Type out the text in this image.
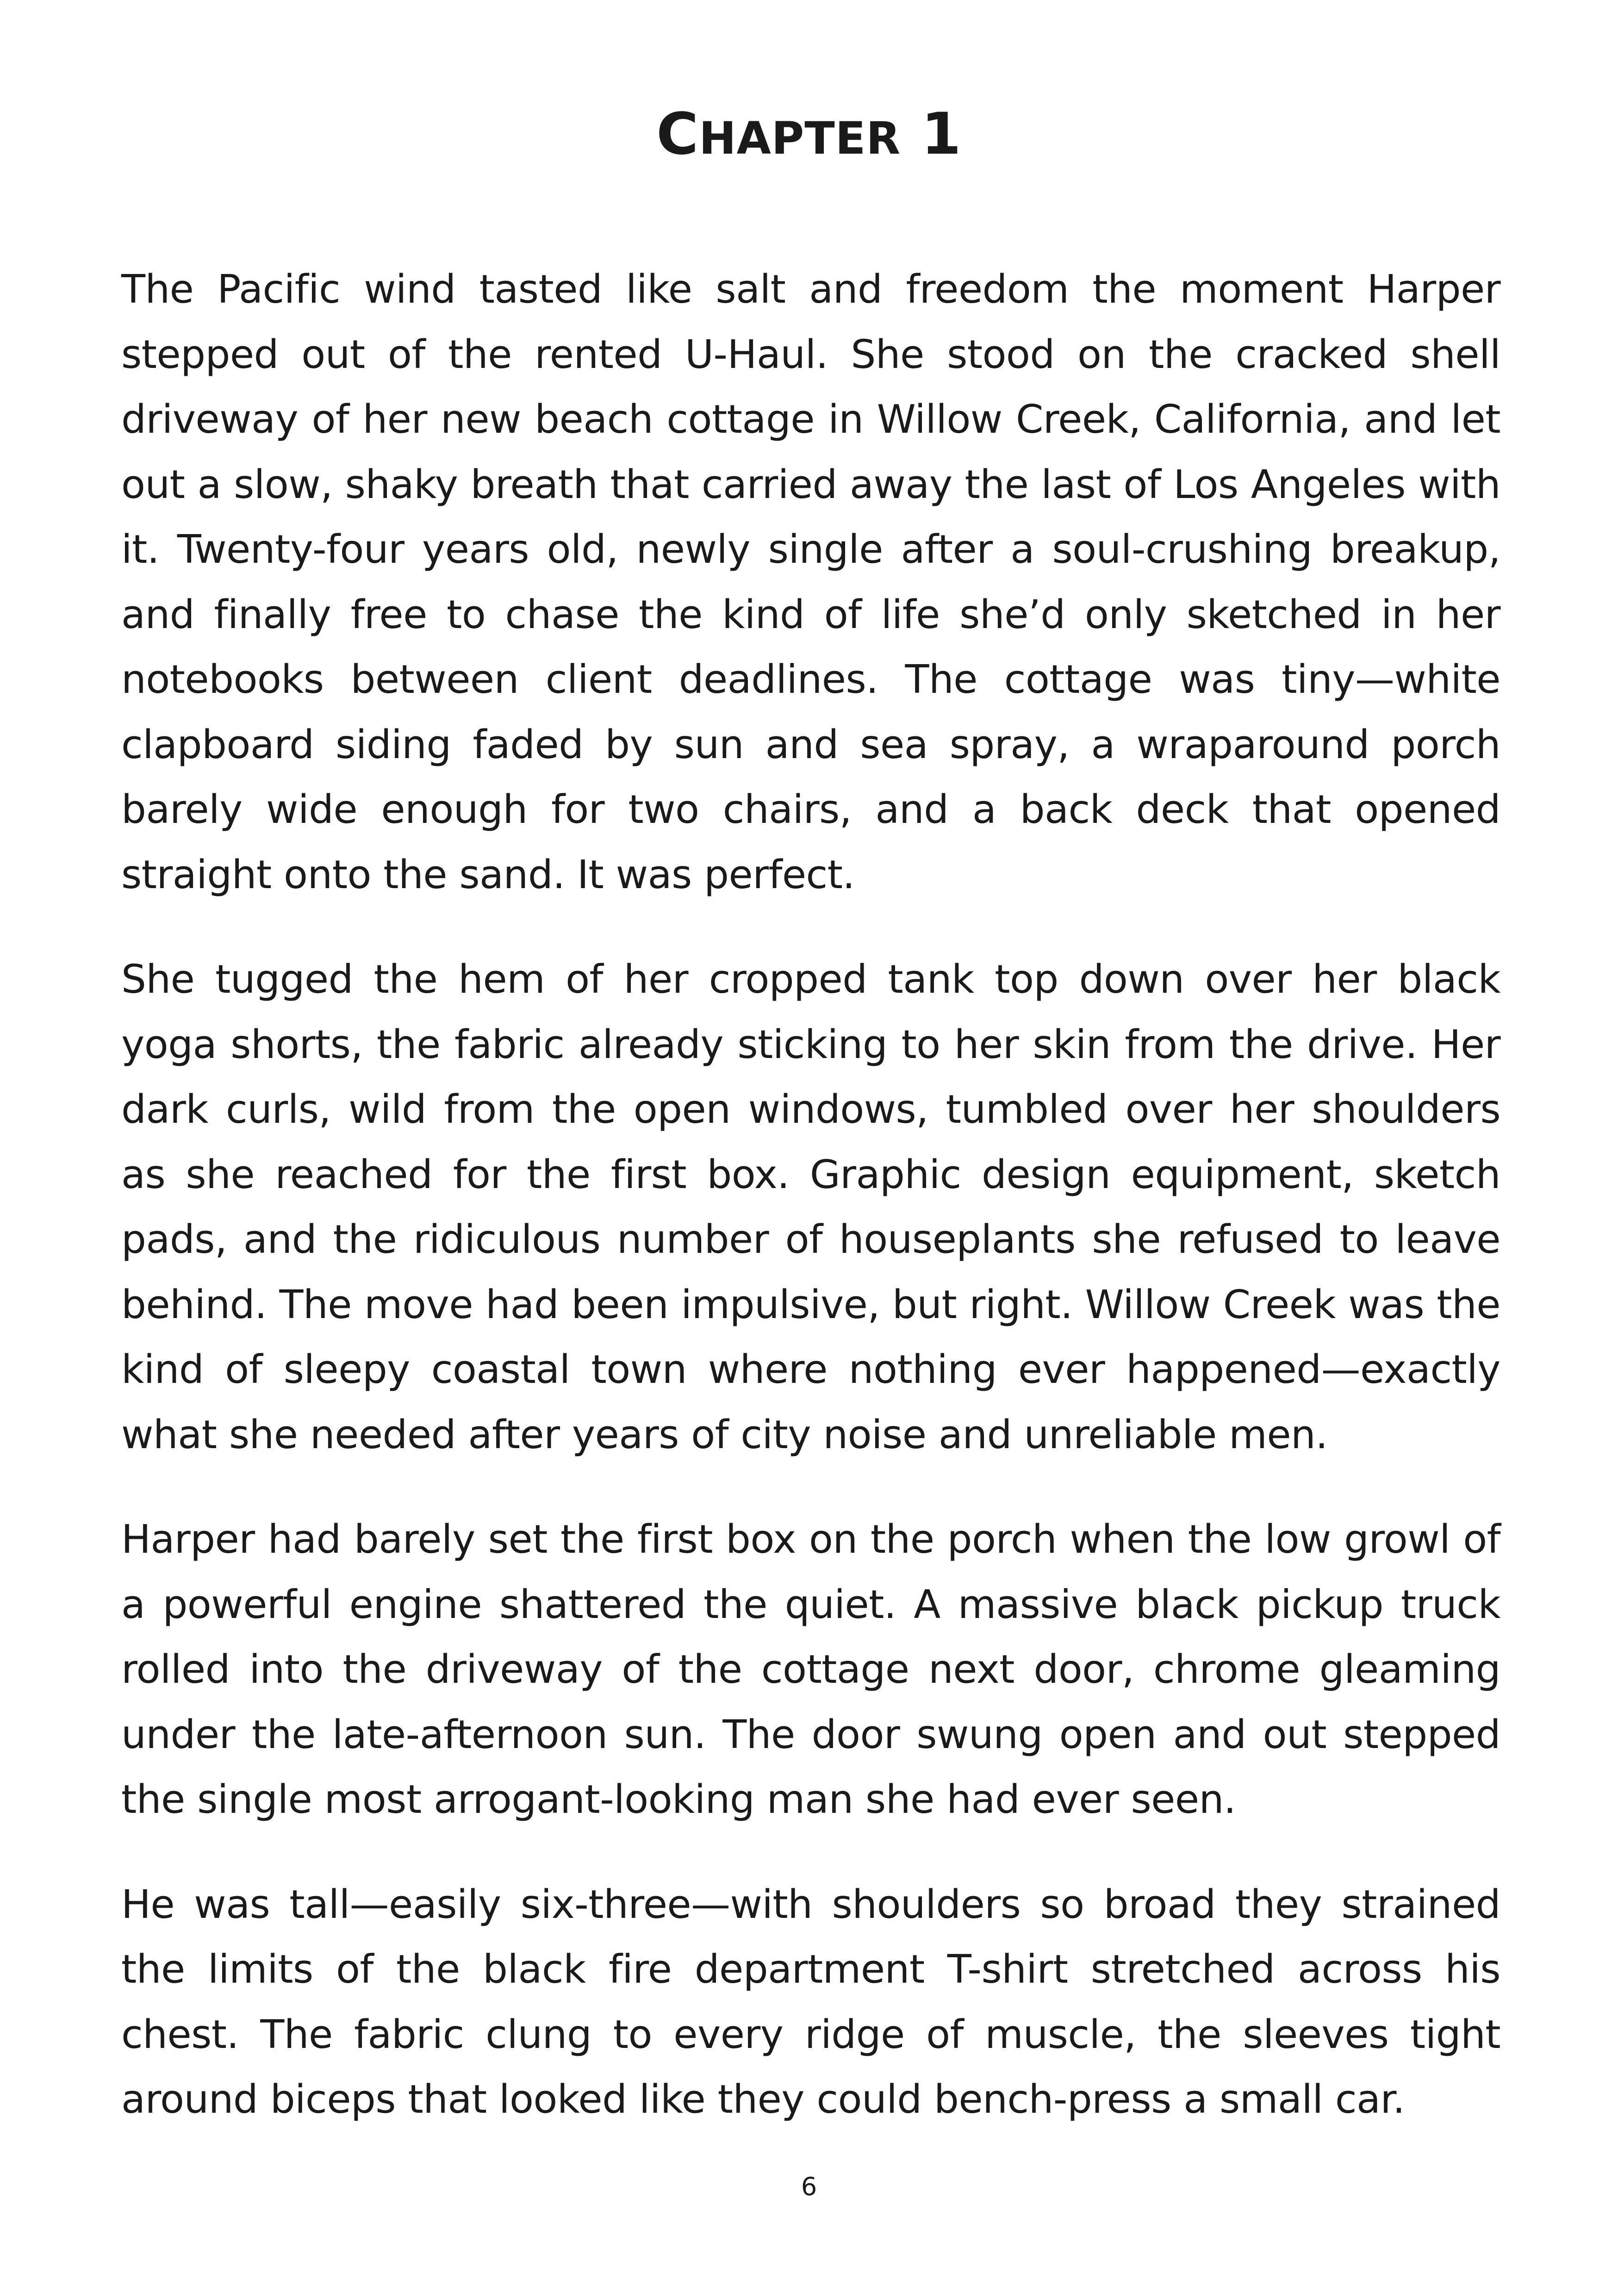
CHAPTER 1

The Pacific wind tasted like salt and freedom the moment Harper stepped out of the rented U-Haul. She stood on the cracked shell driveway of her new beach cottage in Willow Creek, California, and let out a slow, shaky breath that carried away the last of Los Angeles with it. Twenty-four years old, newly single after a soul-crushing breakup, and finally free to chase the kind of life she’d only sketched in her notebooks between client deadlines. The cottage was tiny—white clapboard siding faded by sun and sea spray, a wraparound porch barely wide enough for two chairs, and a back deck that opened straight onto the sand. It was perfect.

She tugged the hem of her cropped tank top down over her black yoga shorts, the fabric already sticking to her skin from the drive. Her dark curls, wild from the open windows, tumbled over her shoulders as she reached for the first box. Graphic design equipment, sketch pads, and the ridiculous number of houseplants she refused to leave behind. The move had been impulsive, but right. Willow Creek was the kind of sleepy coastal town where nothing ever happened—exactly what she needed after years of city noise and unreliable men.

Harper had barely set the first box on the porch when the low growl of a powerful engine shattered the quiet. A massive black pickup truck rolled into the driveway of the cottage next door, chrome gleaming under the late-afternoon sun. The door swung open and out stepped the single most arrogant-looking man she had ever seen.

He was tall—easily six-three—with shoulders so broad they strained the limits of the black fire department T-shirt stretched across his chest. The fabric clung to every ridge of muscle, the sleeves tight around biceps that looked like they could bench-press a small car.

6
